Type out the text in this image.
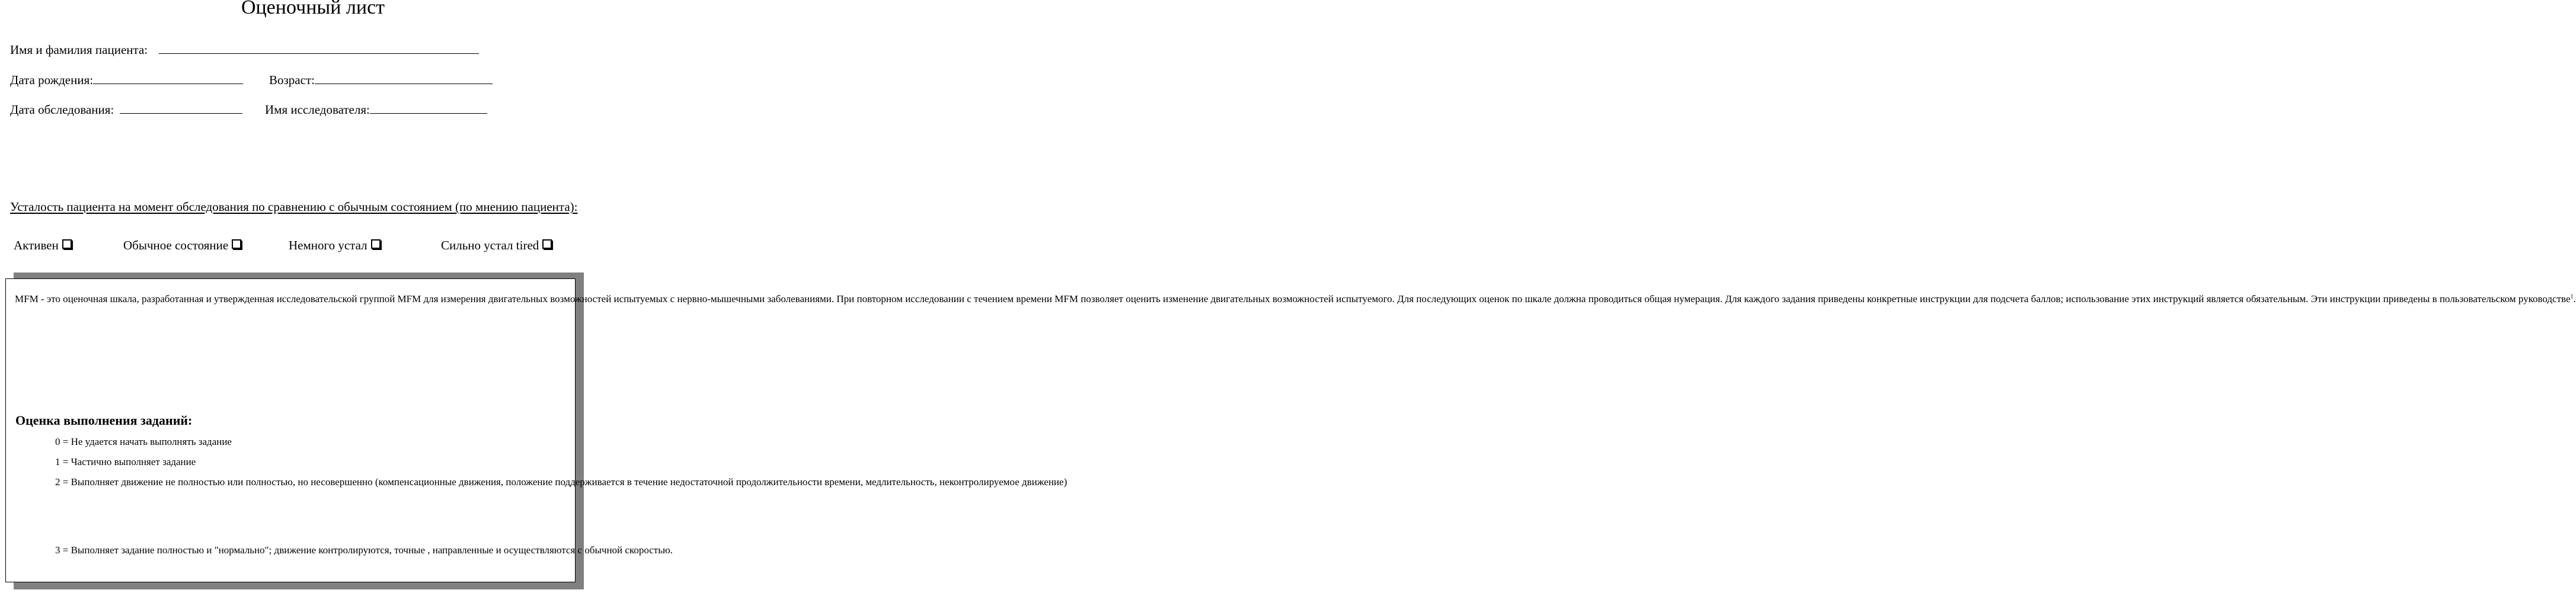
Оценочный лист
Имя и фамилия пациента:
Дата рождения:	Возраст:
Дата обследования:	Имя исследователя:
Усталость пациента на момент обследования по сравнению с обычным состоянием (по мнению пациента):
Активен	Обычное состояние	Немного устал	Сильно устал tired

MFM - это оценочная шкала, разработанная и утвержденная исследовательской группой MFM для измерения двигательных возможностей испытуемых с нервно-мышечными заболеваниями. При повторном исследовании с течением времени MFM позволяет оценить изменение двигательных возможностей испытуемого. Для последующих оценок по шкале должна проводиться общая нумерация. Для каждого задания приведены конкретные инструкции для подсчета баллов; использование этих инструкций является обязательным. Эти инструкции приведены в пользовательском руководстве$^1$.

Оценка выполнения заданий:

0 = Не удается начать выполнять задание

1 = Частично выполняет задание

2 = Выполняет движение не полностью или полностью, но несовершенно (компенсационные движения, положение поддерживается в течение недостаточной продолжительности времени, медлительность, неконтролируемое движение)

3 = Выполняет задание полностью и "нормально"; движение контролируются, точные , направленные и осуществляются с обычной скоростью.
